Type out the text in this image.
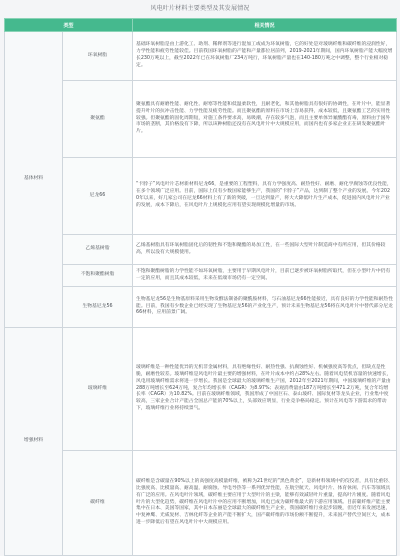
风电叶片材料主要类型及其发展情况
类型		相关情况
基体材料	环氧树脂	基础环氧树脂是由上游化工、助剂、稀释剂等进行混加工或成为环氧树脂，它的好处是对玻璃纤维和碳纤维的浸润性好，力学性能和疲劳性能较佳。目前我国环氧树脂的产能和产量都位居前列，2019-2021年期间，国内环氧树脂产能大幅度增长230万吨以上，截至2022年已在环氧树脂厂234万吨行，环氧树脂产量也在140-180万吨之中调整，整个行业相对稳定。
	聚氨酯	聚氨酯具有耐磨性能、耐化性、耐寒等性能和低温柔软性，且耐老化，和其他树脂具有很好的协调性，在叶片中，能显著提升叶片的抗冲击性能、力学性能及疲劳性能。而且聚氨酯的原料在市场上容易获得，成本较低，且聚氨酯工艺的实用性较强。但聚氨酯的固化周期短，对施工条件要求高，易吸潮，存在较多气泡，而且主要单体异氰酸酯有毒，原料由于国外市场的垄断，其价格没有下降，所以该种树脂还没有在风电叶片中大规模应用，而国内也有多家企业正在研发聚氨酯叶片。
	尼龙66	“卡脖子”风电叶片芯材新材料尼龙66，是重要的工程塑料，具有力学强度高、耐热性好、耐磨、耐化学腐蚀等优良性能，在多个领域广泛应用。目前，国际上仅有少数国家能够生产，我国的“卡脖子”产品，达到制了整个产业的发展。今年2020年以来，好几家公司在尼龙66材料上有了新的突破，一旦达到量产，将大大降低叶片生产成本，促进国内风电叶片产业的发展，成本下降后，在风电叶片上规模化应用有望实现规模化增量的市场。
	乙烯基树脂	乙烯基树脂具有环氧树脂固化后的韧性和不饱和聚酯的易加工性，在一些国际大型叶片制造商中有所应用，但其价格较高，所以没有大规模使用。
	不饱和聚酯树脂	不饱和聚酯树脂的力学性能不如环氧树脂，主要用于早期风电叶片，目前已逐步被环氧树脂所取代，但在小型叶片中仍有一定的应用，而且其成本较低，未来在低端市场仍有一定空间。
	生物基尼龙56	生物基尼龙56是生物基原料采用生物发酵法制备的聚酰胺材料，与石油基尼龙66性能接近，具有良好的力学性能和耐热性能。目前，我国有少数企业已经实现了生物基尼龙56的产业化生产，预计未来生物基尼龙56将在风电叶片中替代部分尼龙66材料，应用前景广阔。
增强材料	玻璃纤维	玻璃纤维是一种性能优异的无机非金属材料，具有绝缘性好、耐热性强、抗腐蚀性好、机械强度高等优点，但缺点是性脆，耐磨性较差。玻璃纤维是风电叶片最主要的增强材料，在叶片成本中约占28%左右。随着风电装机容量的快速增长，风电用玻璃纤维需求将进一步增长。我国是全球最大的玻璃纤维生产国，2012年至2021年期间，中国玻璃纤维的产量由288万吨增长至624万吨，复合年均增长率（CAGR）为8.97%；表观消费量由187万吨增长至471.2万吨，复合年均增长率（CAGR）为10.82%。目前在玻璃纤维领域，我国形成了中国巨石、泰山玻纤、国际复材等龙头企业，行业集中度较高，三家企业合计产能占全国总产能的70%以上，头部效应明显，行业竞争格局稳定。预计在风电等下游需求的带动下，玻璃纤维行业将持续景气。
	碳纤维	碳纤维是含碳量在90%以上的高强度高模量纤维，被称为21世纪的“黑色黄金”，是新材料领域中的佼佼者，具有比重轻、比强度高、比模量高、耐高温、耐腐蚀、导电导热等一系列优异性能，在航空航天、风电叶片、体育休闲、汽车等领域具有广泛的应用。在风电叶片领域，碳纤维主要应用于大型叶片的主梁，能够有效减轻叶片重量，提高叶片刚度。随着风电叶片的大型化趋势，碳纤维在风电叶片中的应用不断增加，风电已成为碳纤维最大的下游应用领域。目前碳纤维产能主要集中在日本、美国等国家，其中日本东丽是全球最大的碳纤维生产企业，我国碳纤维行业起步较晚，但近年来发展迅速，中复神鹰、光威复材、吉林化纤等企业的产能不断扩大，国产碳纤维的市场份额不断提升，未来国产替代空间巨大，成本进一步降低后有望在风电叶片中大规模应用。
